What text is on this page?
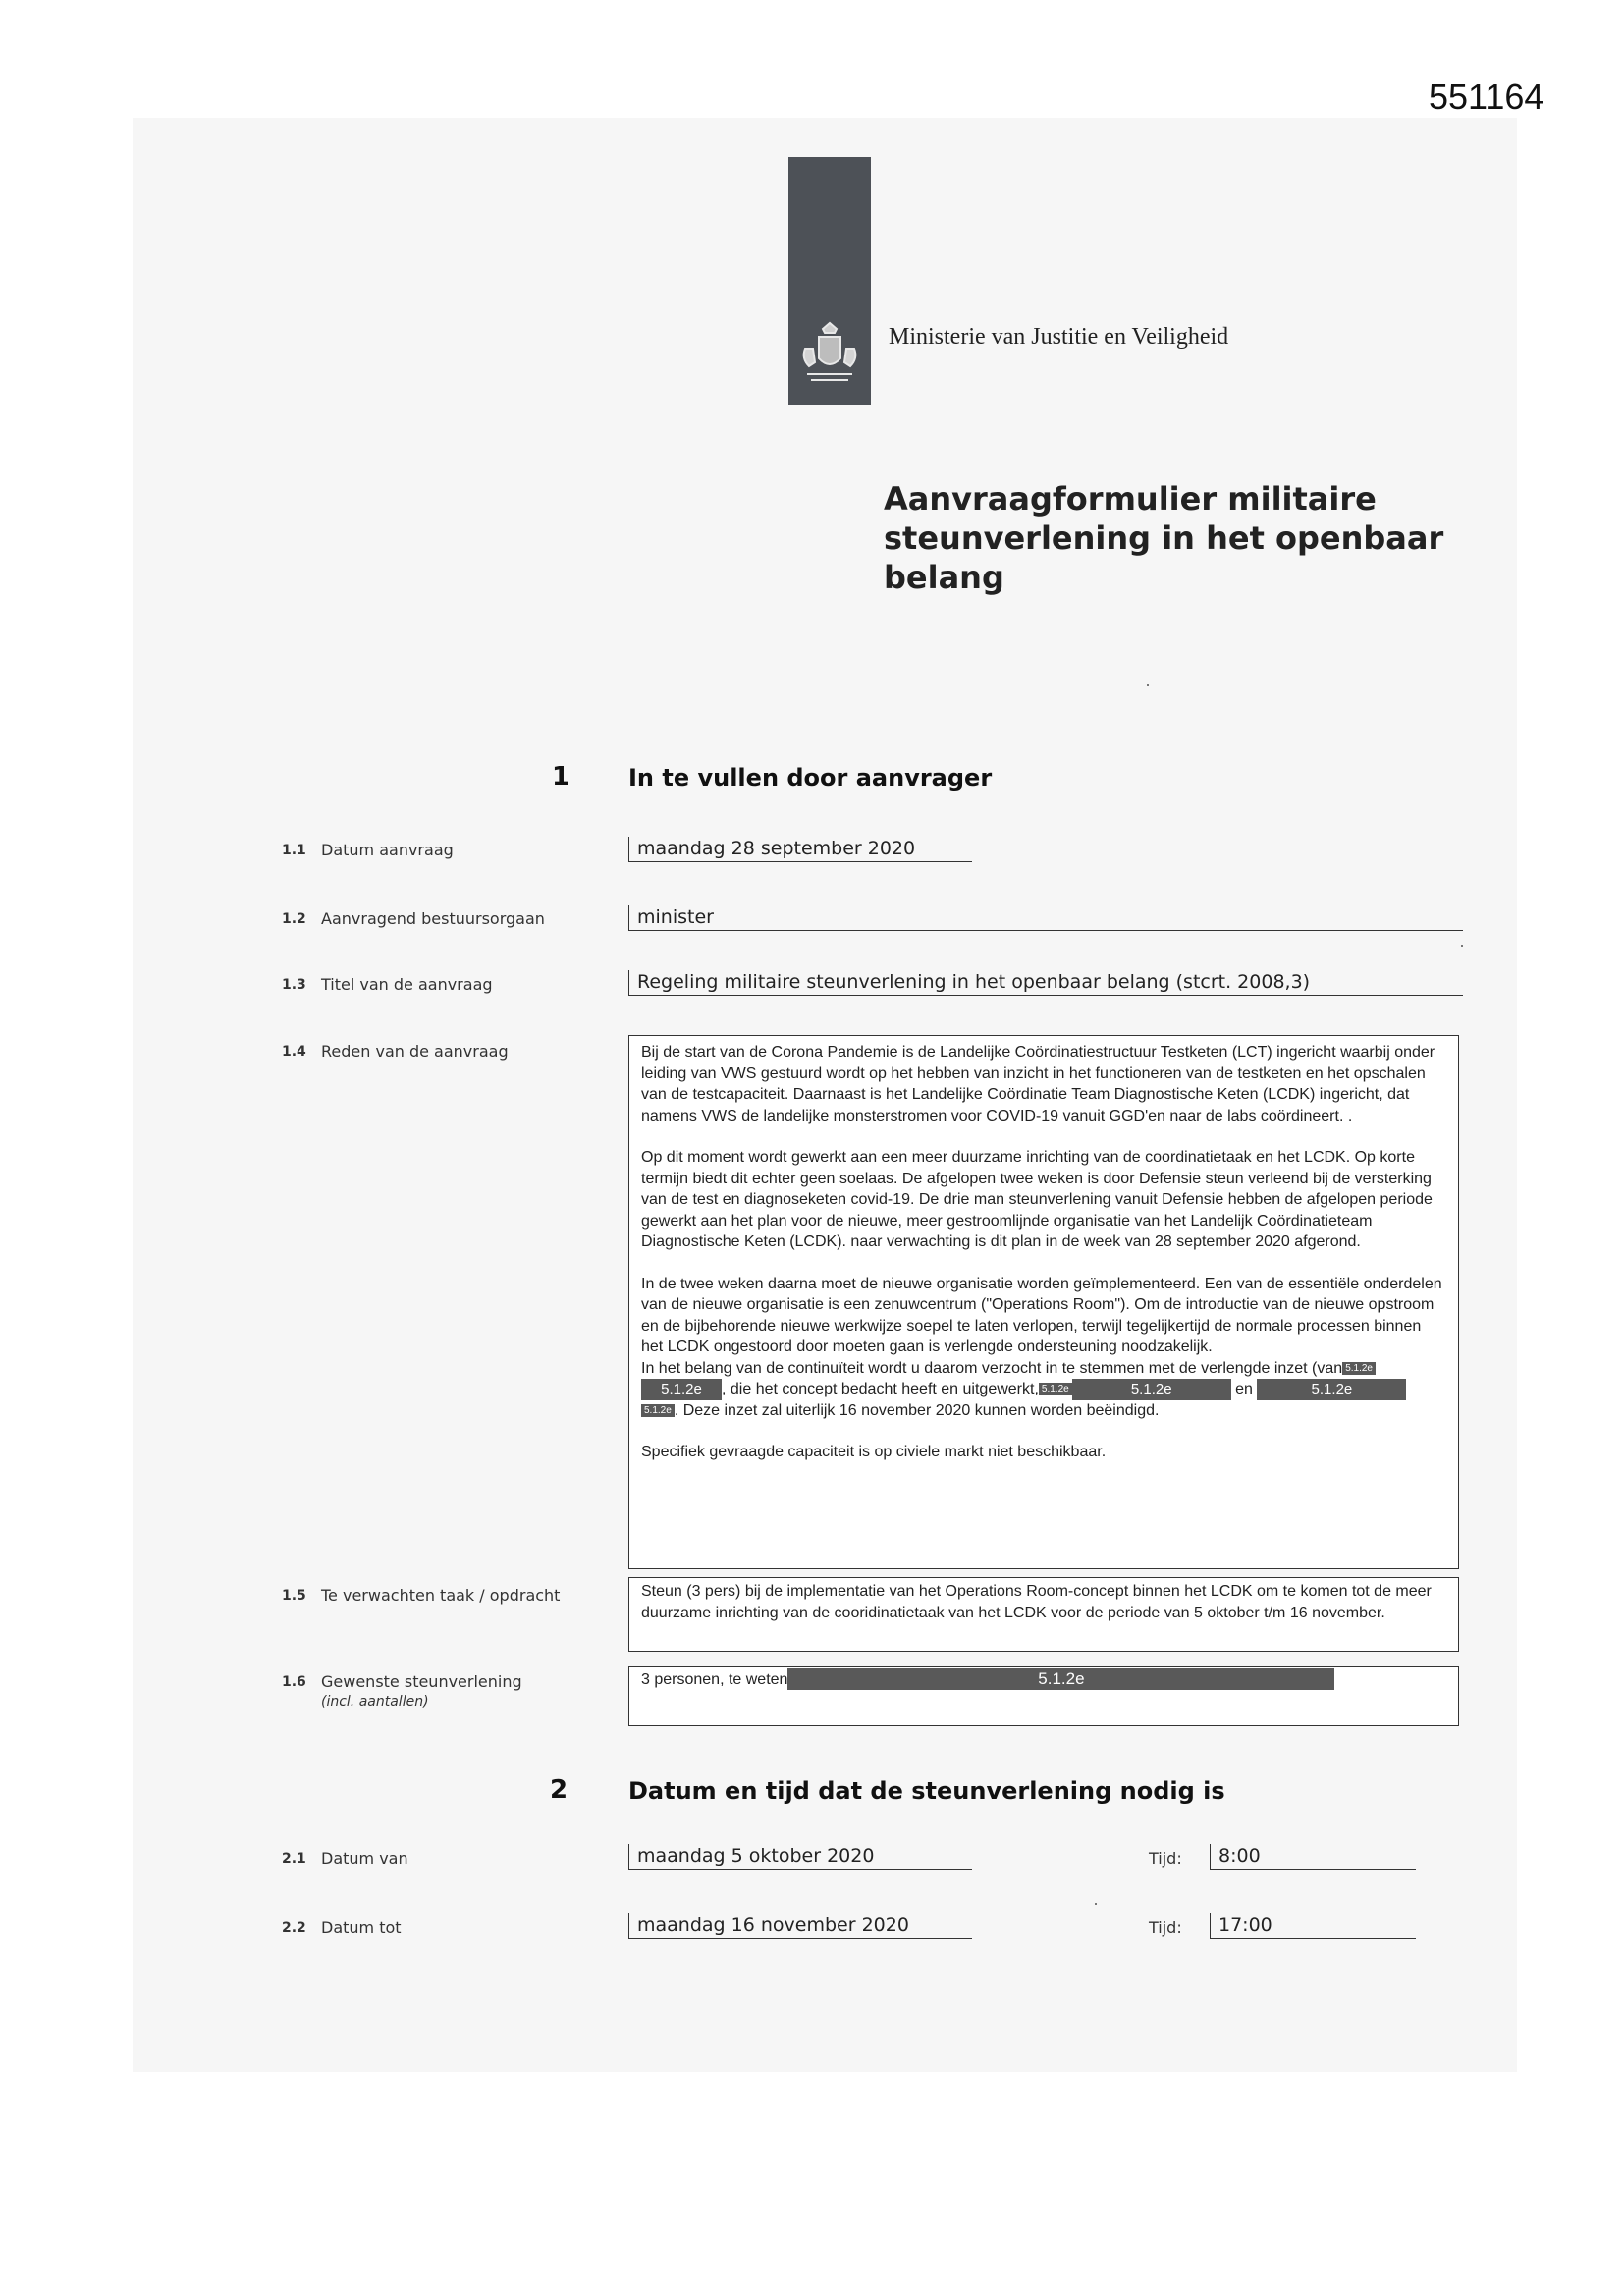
551164
Ministerie van Justitie en Veiligheid
Aanvraagformulier militaire steunverlening in het openbaar belang
1 In te vullen door aanvrager
1.1 Datum aanvraag	maandag 28 september 2020
1.2 Aanvragend bestuursorgaan	minister
1.3 Titel van de aanvraag	Regeling militaire steunverlening in het openbaar belang (stcrt. 2008,3)
1.4 Reden van de aanvraag	Bij de start van de Corona Pandemie is de Landelijke Coördinatiestructuur Testketen (LCT) ingericht waarbij onder leiding van VWS gestuurd wordt op het hebben van inzicht in het functioneren van de testketen en het opschalen van de testcapaciteit. Daarnaast is het Landelijke Coördinatie Team Diagnostische Keten (LCDK) ingericht, dat namens VWS de landelijke monsterstromen voor COVID-19 vanuit GGD'en naar de labs coördineert. .

Op dit moment wordt gewerkt aan een meer duurzame inrichting van de coordinatietaak en het LCDK. Op korte termijn biedt dit echter geen soelaas. De afgelopen twee weken is door Defensie steun verleend bij de versterking van de test en diagnoseketen covid-19. De drie man steunverlening vanuit Defensie hebben de afgelopen periode gewerkt aan het plan voor de nieuwe, meer gestroomlijnde organisatie van het Landelijk Coördinatieteam Diagnostische Keten (LCDK). naar verwachting is dit plan in de week van 28 september 2020 afgerond.

In de twee weken daarna moet de nieuwe organisatie worden geïmplementeerd. Een van de essentiële onderdelen van de nieuwe organisatie is een zenuwcentrum ("Operations Room"). Om de introductie van de nieuwe opstroom en de bijbehorende nieuwe werkwijze soepel te laten verlopen, terwijl tegelijkertijd de normale processen binnen het LCDK ongestoord door moeten gaan is verlengde ondersteuning noodzakelijk.

In het belang van de continuïteit wordt u daarom verzocht in te stemmen met de verlengde inzet (van 5.1.2e5.1.2e , die het concept bedacht heeft en uitgewerkt, 5.1.2e	5.1.2e	en	5.1.2e 5.1.2e . Deze inzet zal uiterlijk 16 november 2020 kunnen worden beëindigd.

Specifiek gevraagde capaciteit is op civiele markt niet beschikbaar.

1.5 Te verwachten taak / opdracht	Steun (3 pers) bij de implementatie van het Operations Room-concept binnen het LCDK om te komen tot de meer duurzame inrichting van de cooridinatietaak van het LCDK voor de periode van 5 oktober t/m 16 november.
1.6 Gewenste steunverlening
(incl. aantallen)
3 personen, te weten	5.1.2e
2	Datum en tijd dat de steunverlening nodig is
2.1 Datum van	maandag 5 oktober 2020	Tijd:	8:00
2.2 Datum tot	maandag 16 november 2020	Tijd:	17:00
